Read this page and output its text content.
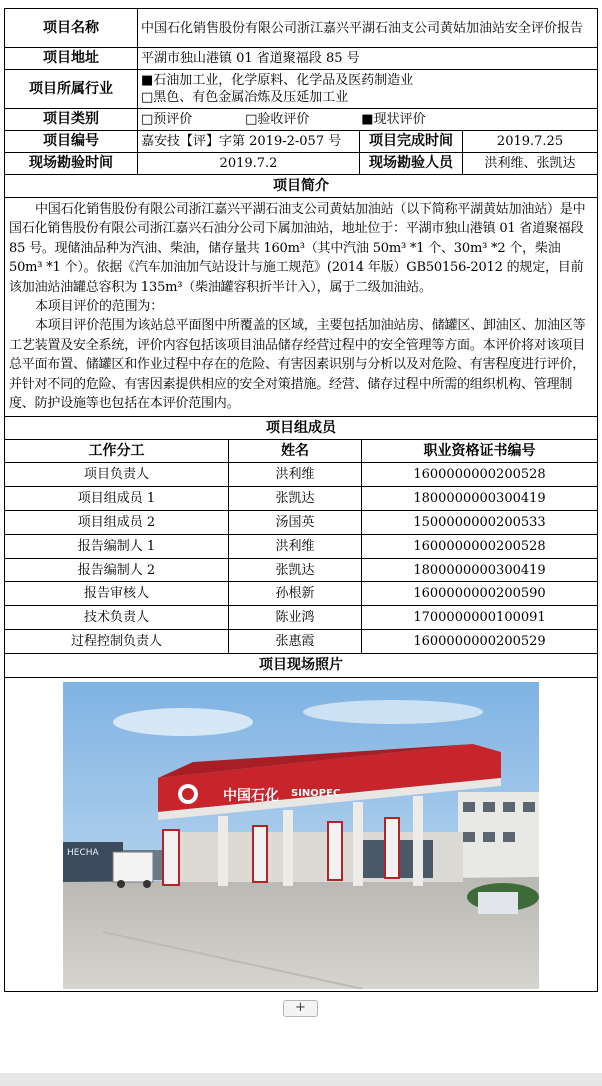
项目名称	中国石化销售股份有限公司浙江嘉兴平湖石油支公司黄姑加油站安全评价报告		
项目地址	平湖市独山港镇 01 省道聚福段 85 号		
项目所属行业	■石油加工业，化学原料、化学品及医药制造业
□黑色、有色金属冶炼及压延加工业		

项目类别	□预评价 □验收评价 ■现状评价		
项目编号	嘉安技【评】字第 2019-2-057 号	项目完成时间	2019.7.25
现场勘验时间	2019.7.2	现场勘验人员	洪利维、张凯达
项目简介			

中国石化销售股份有限公司浙江嘉兴平湖石油支公司黄姑加油站（以下简称平湖黄姑加油站）是中国石化销售股份有限公司浙江嘉兴石油分公司下属加油站，地址位于：平湖市独山港镇 01 省道聚福段 85 号。现储油品种为汽油、柴油，储存量共 160m³（其中汽油 50m³ *1 个、30m³ *2 个，柴油 50m³ *1 个）。依据《汽车加油加气站设计与施工规范》(2014 年版）GB50156-2012 的规定，目前该加油站油罐总容积为 135m³（柴油罐容积折半计入），属于二级加油站。

本项目评价的范围为：

本项目评价范围为该站总平面图中所覆盖的区域，主要包括加油站房、储罐区、卸油区、加油区等工艺装置及安全系统，评价内容包括该项目油品储存经营过程中的安全管理等方面。本评价将对该项目总平面布置、储罐区和作业过程中存在的危险、有害因素识别与分析以及对危险、有害程度进行评价，并针对不同的危险、有害因素提供相应的安全对策措施。经营、储存过程中所需的组织机构、管理制度、防护设施等也包括在本评价范围内。			

项目组成员		
工作分工	姓名	职业资格证书编号
项目负责人	洪利维	1600000000200528
项目组成员 1	张凯达	1800000000300419
项目组成员 2	汤国英	1500000000200533
报告编制人 1	洪利维	1600000000200528
报告编制人 2	张凯达	1800000000300419
报告审核人	孙根新	1600000000200590
技术负责人	陈业鸿	1700000000100091
过程控制负责人	张惠霞	1600000000200529
项目现场照片		

HECHA
中国石化 SINOPEC		
+
